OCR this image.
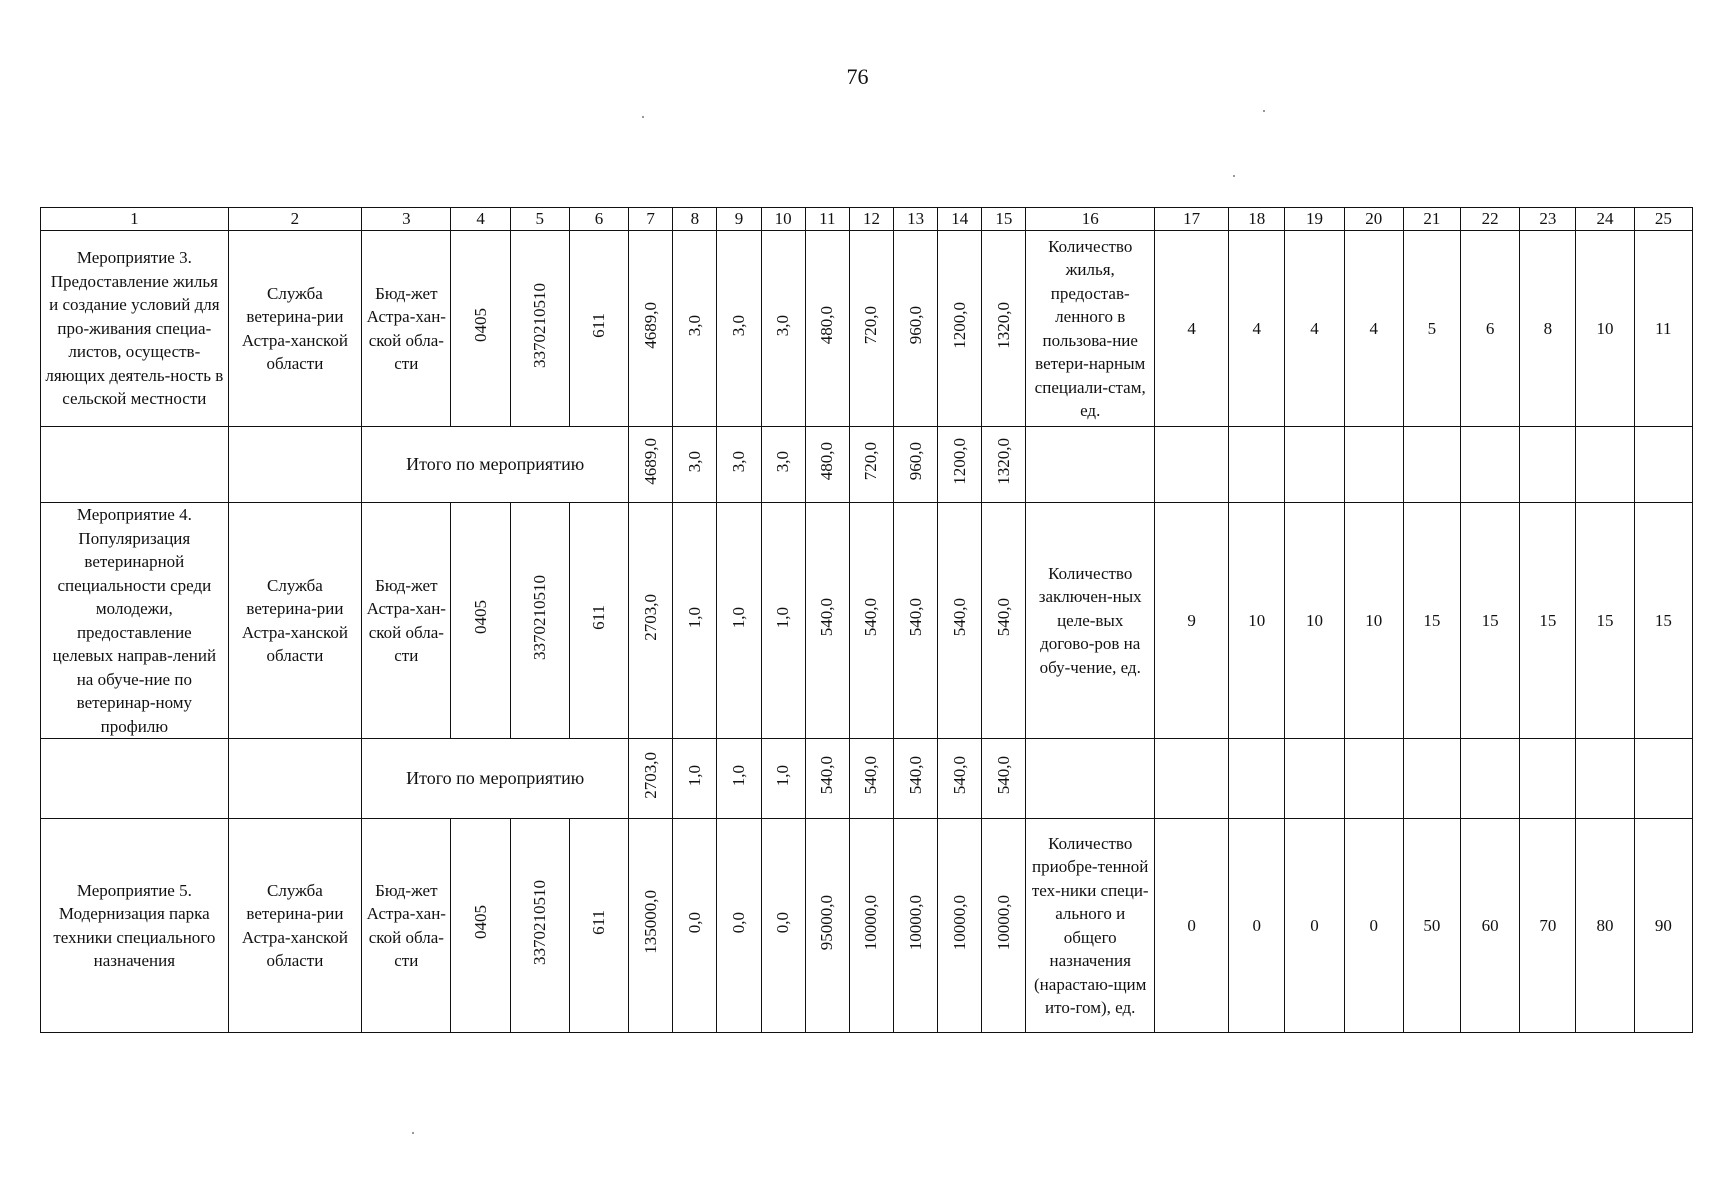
76
1	2	3	4	5	6	7	8	9	10	11	12	13	14	15	16	17	18	19	20	21	22	23	24	25

Мероприятие 3. Предоставление жилья и создание условий для про-живания специа-листов, осуществ-ляющих деятель-ность в сельской местности	Служба ветерина-рии Астра-ханской области	Бюд-жет Астра-хан-ской обла-сти	0405	3370210510	611	4689,0	3,0	3,0	3,0	480,0	720,0	960,0	1200,0	1320,0	Количество жилья, предостав-ленного в пользова-ние ветери-нарным специали-стам, ед.	4	4	4	4	5	6	8	10	11
		Итого по мероприятию				4689,0	3,0	3,0	3,0	480,0	720,0	960,0	1200,0	1320,0										

Мероприятие 4. Популяризация ветеринарной специальности среди молодежи, предоставление целевых направ-лений на обуче-ние по ветеринар-ному профилю	Служба ветерина-рии Астра-ханской области	Бюд-жет Астра-хан-ской обла-сти	0405	3370210510	611	2703,0	1,0	1,0	1,0	540,0	540,0	540,0	540,0	540,0	Количество заключен-ных целе-вых догово-ров на обу-чение, ед.	9	10	10	10	15	15	15	15	15
		Итого по мероприятию				2703,0	1,0	1,0	1,0	540,0	540,0	540,0	540,0	540,0										

Мероприятие 5. Модернизация парка техники специального назначения	Служба ветерина-рии Астра-ханской области	Бюд-жет Астра-хан-ской обла-сти	0405	3370210510	611	135000,0	0,0	0,0	0,0	95000,0	10000,0	10000,0	10000,0	10000,0	Количество приобре-тенной тех-ники специ-ального и общего назначения (нарастаю-щим ито-гом), ед.	0	0	0	0	50	60	70	80	90
